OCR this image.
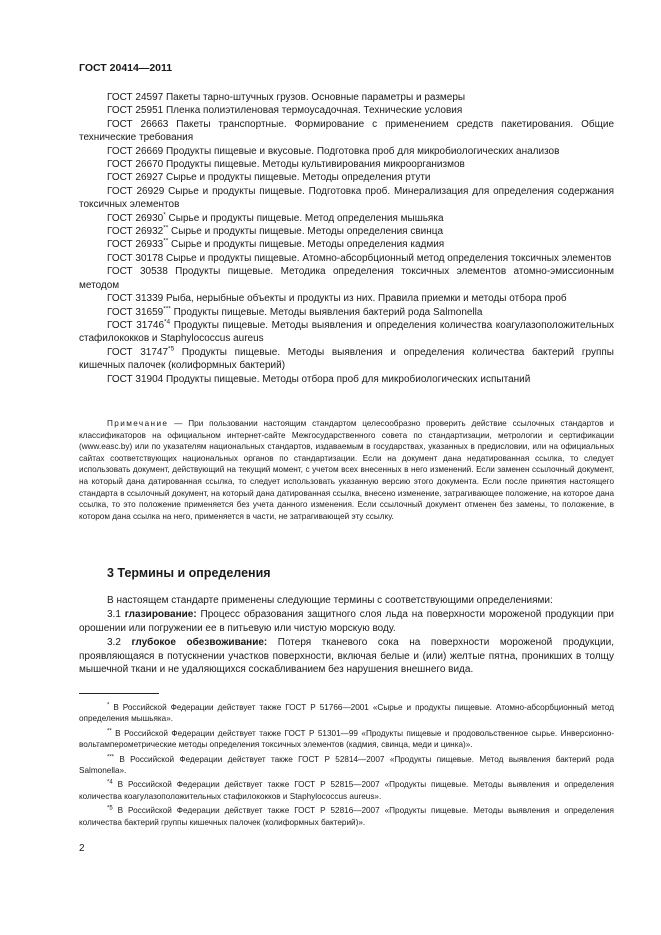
ГОСТ 20414—2011

ГОСТ 24597 Пакеты тарно-штучных грузов. Основные параметры и размеры

ГОСТ 25951 Пленка полиэтиленовая термоусадочная. Технические условия

ГОСТ 26663 Пакеты транспортные. Формирование с применением средств пакетирования. Общие технические требования

ГОСТ 26669 Продукты пищевые и вкусовые. Подготовка проб для микробиологических анализов

ГОСТ 26670 Продукты пищевые. Методы культивирования микроорганизмов

ГОСТ 26927 Сырье и продукты пищевые. Методы определения ртути

ГОСТ 26929 Сырье и продукты пищевые. Подготовка проб. Минерализация для определения содержания токсичных элементов

ГОСТ 26930* Сырье и продукты пищевые. Метод определения мышьяка

ГОСТ 26932** Сырье и продукты пищевые. Методы определения свинца

ГОСТ 26933** Сырье и продукты пищевые. Методы определения кадмия

ГОСТ 30178 Сырье и продукты пищевые. Атомно-абсорбционный метод определения токсичных элементов

ГОСТ 30538 Продукты пищевые. Методика определения токсичных элементов атомно-эмиссионным методом

ГОСТ 31339 Рыба, нерыбные объекты и продукты из них. Правила приемки и методы отбора проб

ГОСТ 31659*** Продукты пищевые. Методы выявления бактерий рода Salmonella

ГОСТ 31746$^{*4}$ Продукты пищевые. Методы выявления и определения количества коагулазоположительных стафилококков и Staphylococcus aureus

ГОСТ 31747$^{*5}$ Продукты пищевые. Методы выявления и определения количества бактерий группы кишечных палочек (колиформных бактерий)

ГОСТ 31904 Продукты пищевые. Методы отбора проб для микробиологических испытаний

Примечание — При пользовании настоящим стандартом целесообразно проверить действие ссылочных стандартов и классификаторов на официальном интернет-сайте Межгосударственного совета по стандартизации, метрологии и сертификации (www.easc.by) или по указателям национальных стандартов, издаваемым в государствах, указанных в предисловии, или на официальных сайтах соответствующих национальных органов по стандартизации. Если на документ дана недатированная ссылка, то следует использовать документ, действующий на текущий момент, с учетом всех внесенных в него изменений. Если заменен ссылочный документ, на который дана датированная ссылка, то следует использовать указанную версию этого документа. Если после принятия настоящего стандарта в ссылочный документ, на который дана датированная ссылка, внесено изменение, затрагивающее положение, на которое дана ссылка, то это положение применяется без учета данного изменения. Если ссылочный документ отменен без замены, то положение, в котором дана ссылка на него, применяется в части, не затрагивающей эту ссылку.

3 Термины и определения

В настоящем стандарте применены следующие термины с соответствующими определениями:

3.1 глазирование: Процесс образования защитного слоя льда на поверхности мороженой продукции при орошении или погружении ее в питьевую или чистую морскую воду.

3.2 глубокое обезвоживание: Потеря тканевого сока на поверхности мороженой продукции, проявляющаяся в потускнении участков поверхности, включая белые и (или) желтые пятна, проникших в толщу мышечной ткани и не удаляющихся соскабливанием без нарушения внешнего вида.

* В Российской Федерации действует также ГОСТ Р 51766—2001 «Сырье и продукты пищевые. Атомно-абсорбционный метод определения мышьяка».

** В Российской Федерации действует также ГОСТ Р 51301—99 «Продукты пищевые и продовольственное сырье. Инверсионно-вольтамперометрические методы определения токсичных элементов (кадмия, свинца, меди и цинка)».

*** В Российской Федерации действует также ГОСТ Р 52814—2007 «Продукты пищевые. Метод выявления бактерий рода Salmonella».

$^{*4}$ В Российской Федерации действует также ГОСТ Р 52815—2007 «Продукты пищевые. Методы выявления и определения количества коагулазоположительных стафилококков и Staphylococcus aureus».

$^{*5}$ В Российской Федерации действует также ГОСТ Р 52816—2007 «Продукты пищевые. Методы выявления и определения количества бактерий группы кишечных палочек (колиформных бактерий)».

2
